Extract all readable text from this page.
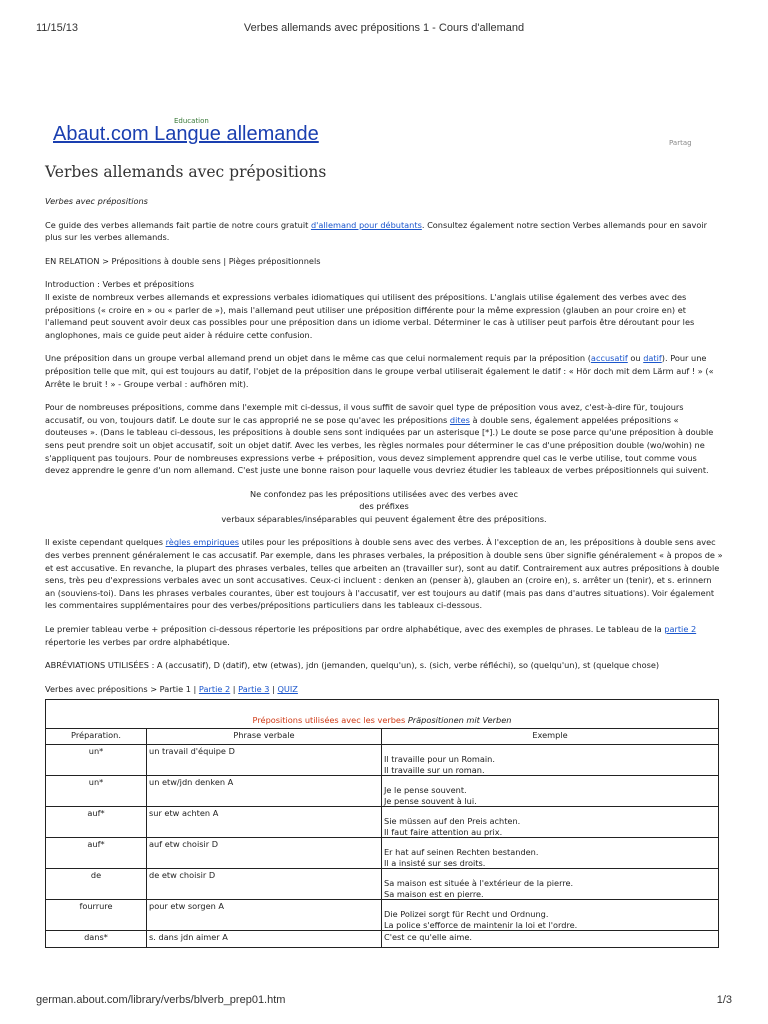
11/15/13	Verbes allemands avec prépositions 1 - Cours d'allemand
Education
Abaut.com Langue allemande	Partag
Verbes allemands avec prépositions

Verbes avec prépositions

Ce guide des verbes allemands fait partie de notre cours gratuit d'allemand pour débutants. Consultez également notre section Verbes allemands pour en savoir plus sur les verbes allemands.

EN RELATION > Prépositions à double sens | Pièges prépositionnels

Introduction : Verbes et prépositions
Il existe de nombreux verbes allemands et expressions verbales idiomatiques qui utilisent des prépositions. L'anglais utilise également des verbes avec des prépositions (« croire en » ou « parler de »), mais l'allemand peut utiliser une préposition différente pour la même expression (glauben an pour croire en) et l'allemand peut souvent avoir deux cas possibles pour une préposition dans un idiome verbal. Déterminer le cas à utiliser peut parfois être déroutant pour les anglophones, mais ce guide peut aider à réduire cette confusion.

Une préposition dans un groupe verbal allemand prend un objet dans le même cas que celui normalement requis par la préposition (accusatif ou datif). Pour une préposition telle que mit, qui est toujours au datif, l'objet de la préposition dans le groupe verbal utiliserait également le datif : « Hör doch mit dem Lärm auf ! » (« Arrête le bruit ! » - Groupe verbal : aufhören mit).

Pour de nombreuses prépositions, comme dans l'exemple mit ci-dessus, il vous suffit de savoir quel type de préposition vous avez, c'est-à-dire für, toujours accusatif, ou von, toujours datif. Le doute sur le cas approprié ne se pose qu'avec les prépositions dites à double sens, également appelées prépositions « douteuses ». (Dans le tableau ci-dessous, les prépositions à double sens sont indiquées par un asterisque [*].) Le doute se pose parce qu'une préposition à double sens peut prendre soit un objet accusatif, soit un objet datif. Avec les verbes, les règles normales pour déterminer le cas d'une préposition double (wo/wohin) ne s'appliquent pas toujours. Pour de nombreuses expressions verbe + préposition, vous devez simplement apprendre quel cas le verbe utilise, tout comme vous devez apprendre le genre d'un nom allemand. C'est juste une bonne raison pour laquelle vous devriez étudier les tableaux de verbes prépositionnels qui suivent.

Ne confondez pas les prépositions utilisées avec des verbes avec
des préfixes
verbaux séparables/inséparables qui peuvent également être des prépositions.

Il existe cependant quelques règles empiriques utiles pour les prépositions à double sens avec des verbes. À l'exception de an, les prépositions à double sens avec des verbes prennent généralement le cas accusatif. Par exemple, dans les phrases verbales, la préposition à double sens über signifie généralement « à propos de » et est accusative. En revanche, la plupart des phrases verbales, telles que arbeiten an (travailler sur), sont au datif. Contrairement aux autres prépositions à double sens, très peu d'expressions verbales avec un sont accusatives. Ceux-ci incluent : denken an (penser à), glauben an (croire en), s. arrêter un (tenir), et s. erinnern an (souviens-toi). Dans les phrases verbales courantes, über est toujours à l'accusatif, ver est toujours au datif (mais pas dans d'autres situations). Voir également les commentaires supplémentaires pour des verbes/prépositions particuliers dans les tableaux ci-dessous.

Le premier tableau verbe + préposition ci-dessous répertorie les prépositions par ordre alphabétique, avec des exemples de phrases. Le tableau de la partie 2 répertorie les verbes par ordre alphabétique.

ABRÉVIATIONS UTILISÉES : A (accusatif), D (datif), etw (etwas), jdn (jemanden, quelqu'un), s. (sich, verbe réfléchi), so (quelqu'un), st (quelque chose)

Verbes avec prépositions > Partie 1 | Partie 2 | Partie 3 | QUIZ
Prépositions utilisées avec les verbes Präpositionen mit Verben		
Préparation.	Phrase verbale	Exemple
un*	un travail d'équipe D	Il travaille pour un Romain.
Il travaille sur un roman.
un*	un etw/jdn denken A	Je le pense souvent.
Je pense souvent à lui.
auf*	sur etw achten A	Sie müssen auf den Preis achten.
Il faut faire attention au prix.
auf*	auf etw choisir D	Er hat auf seinen Rechten bestanden.
Il a insisté sur ses droits.
de	de etw choisir D	Sa maison est située à l'extérieur de la pierre.
Sa maison est en pierre.
fourrure	pour etw sorgen A	Die Polizei sorgt für Recht und Ordnung.
La police s'efforce de maintenir la loi et l'ordre.
dans*	s. dans jdn aimer A	C'est ce qu'elle aime.
german.about.com/library/verbs/blverb_prep01.htm	1/3
